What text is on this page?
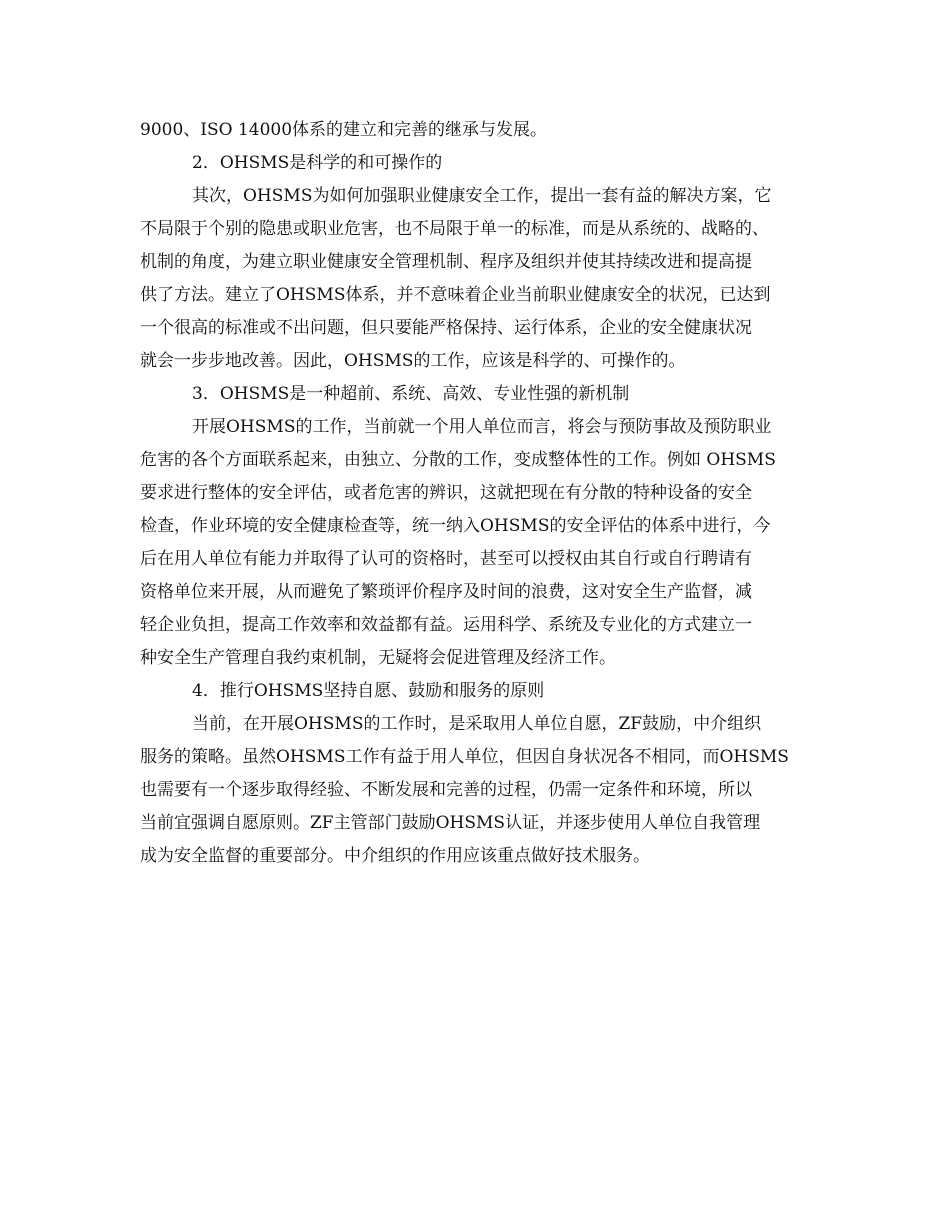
9000、ISO 14000体系的建立和完善的继承与发展。
2．OHSMS是科学的和可操作的
其次，OHSMS为如何加强职业健康安全工作，提出一套有益的解决方案，它
不局限于个别的隐患或职业危害，也不局限于单一的标准，而是从系统的、战略的、
机制的角度，为建立职业健康安全管理机制、程序及组织并使其持续改进和提高提
供了方法。建立了OHSMS体系，并不意味着企业当前职业健康安全的状况，已达到
一个很高的标准或不出问题，但只要能严格保持、运行体系，企业的安全健康状况
就会一步步地改善。因此，OHSMS的工作，应该是科学的、可操作的。
3．OHSMS是一种超前、系统、高效、专业性强的新机制
开展OHSMS的工作，当前就一个用人单位而言，将会与预防事故及预防职业
危害的各个方面联系起来，由独立、分散的工作，变成整体性的工作。例如 OHSMS
要求进行整体的安全评估，或者危害的辨识，这就把现在有分散的特种设备的安全
检查，作业环境的安全健康检查等，统一纳入OHSMS的安全评估的体系中进行，今
后在用人单位有能力并取得了认可的资格时，甚至可以授权由其自行或自行聘请有
资格单位来开展，从而避免了繁琐评价程序及时间的浪费，这对安全生产监督，减
轻企业负担，提高工作效率和效益都有益。运用科学、系统及专业化的方式建立一
种安全生产管理自我约束机制，无疑将会促进管理及经济工作。
4．推行OHSMS坚持自愿、鼓励和服务的原则
当前，在开展OHSMS的工作时，是采取用人单位自愿，ZF鼓励，中介组织
服务的策略。虽然OHSMS工作有益于用人单位，但因自身状况各不相同，而OHSMS
也需要有一个逐步取得经验、不断发展和完善的过程，仍需一定条件和环境，所以
当前宜强调自愿原则。ZF主管部门鼓励OHSMS认证，并逐步使用人单位自我管理
成为安全监督的重要部分。中介组织的作用应该重点做好技术服务。
